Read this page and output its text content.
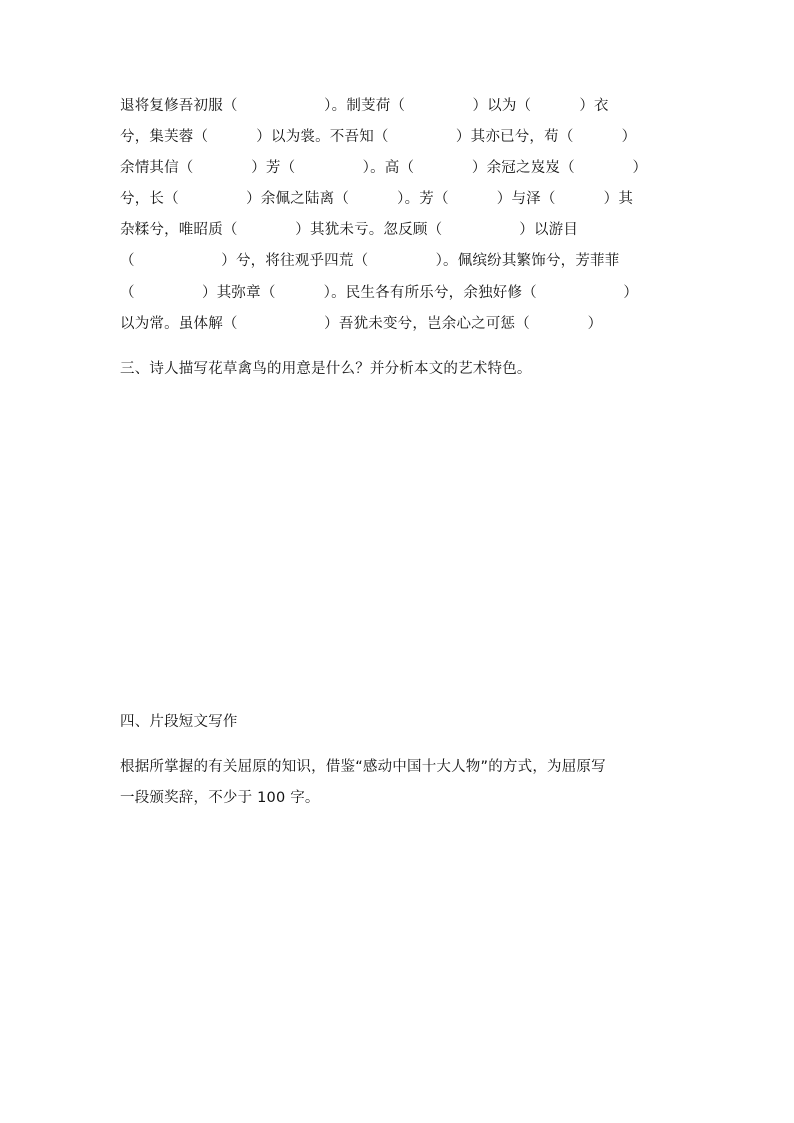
退将复修吾初服（                  ）。制芰荷（              ）以为（          ）衣
兮，集芙蓉（          ）以为裳。不吾知（              ）其亦已兮，苟（          ）
余情其信（            ）芳（              ）。高（            ）余冠之岌岌（            ）
兮，长（              ）余佩之陆离（          ）。芳（          ）与泽（          ）其
杂糅兮，唯昭质（            ）其犹未亏。忽反顾（                ）以游目
（                  ）兮，将往观乎四荒（              ）。佩缤纷其繁饰兮，芳菲菲
（              ）其弥章（          ）。民生各有所乐兮，余独好修（                  ）
以为常。虽体解（                  ）吾犹未变兮，岂余心之可惩（            ）
三、诗人描写花草禽鸟的用意是什么？并分析本文的艺术特色。
四、片段短文写作
根据所掌握的有关屈原的知识，借鉴“感动中国十大人物”的方式，为屈原写
一段颁奖辞，不少于 100 字。
